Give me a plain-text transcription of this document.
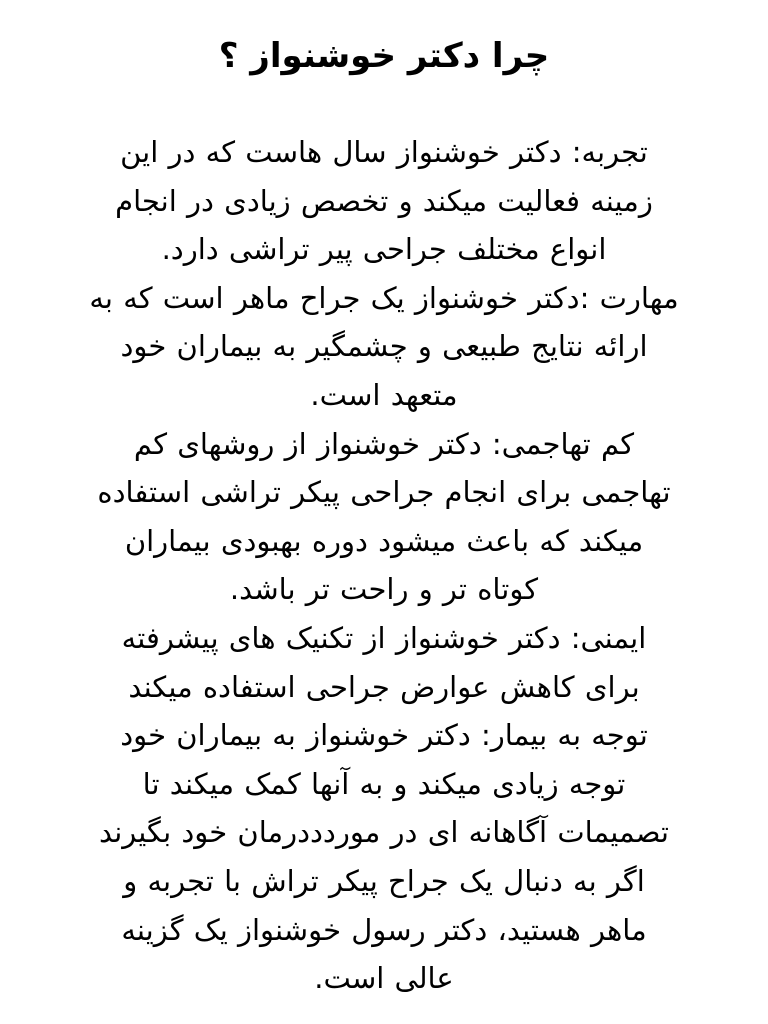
چرا دکتر خوشنواز ؟
تجربه: دکتر خوشنواز سال هاست که در این
زمینه فعالیت میکند و تخصص زیادی در انجام
انواع مختلف جراحی پیر تراشی دارد.
مهارت :دکتر خوشنواز یک جراح ماهر است که به
ارائه نتایج طبیعی و چشمگیر به بیماران خود
متعهد است.
کم تهاجمی: دکتر خوشنواز از روشهای کم
تهاجمی برای انجام جراحی پیکر تراشی استفاده
میکند که باعث میشود دوره بهبودی بیماران
کوتاه تر و راحت تر باشد.
ایمنی: دکتر خوشنواز از تکنیک های پیشرفته
برای کاهش عوارض جراحی استفاده میکند
توجه به بیمار: دکتر خوشنواز به بیماران خود
توجه زیادی میکند و به آنها کمک میکند تا
تصمیمات آگاهانه ای در موردددرمان خود بگیرند
اگر به دنبال یک جراح پیکر تراش با تجربه و
ماهر هستید، دکتر رسول خوشنواز یک گزینه
عالی است.
